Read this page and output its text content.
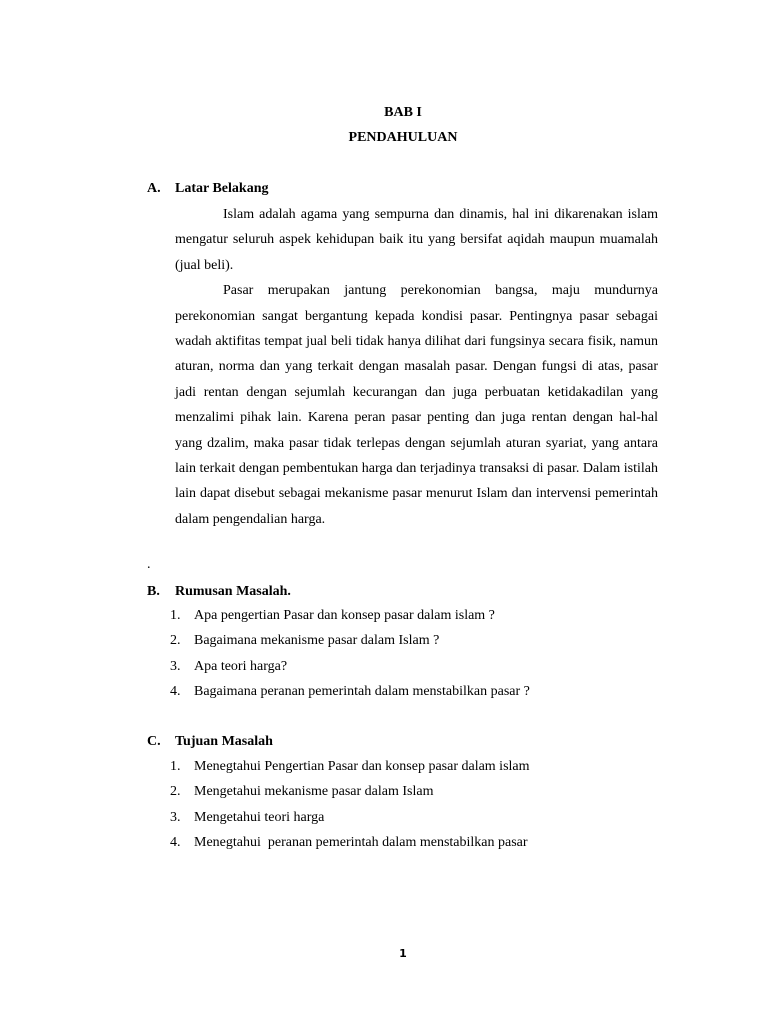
BAB I
PENDAHULUAN
A. Latar Belakang

Islam adalah agama yang sempurna dan dinamis, hal ini dikarenakan islam mengatur seluruh aspek kehidupan baik itu yang bersifat aqidah maupun muamalah (jual beli).

Pasar merupakan jantung perekonomian bangsa, maju mundurnya perekonomian sangat bergantung kepada kondisi pasar. Pentingnya pasar sebagai wadah aktifitas tempat jual beli tidak hanya dilihat dari fungsinya secara fisik, namun aturan, norma dan yang terkait dengan masalah pasar. Dengan fungsi di atas, pasar jadi rentan dengan sejumlah kecurangan dan juga perbuatan ketidakadilan yang menzalimi pihak lain. Karena peran pasar penting dan juga rentan dengan hal-hal yang dzalim, maka pasar tidak terlepas dengan sejumlah aturan syariat, yang antara lain terkait dengan pembentukan harga dan terjadinya transaksi di pasar. Dalam istilah lain dapat disebut sebagai mekanisme pasar menurut Islam dan intervensi pemerintah dalam pengendalian harga.

.
B. Rumusan Masalah.
1. Apa pengertian Pasar dan konsep pasar dalam islam ?
2. Bagaimana mekanisme pasar dalam Islam ?
3. Apa teori harga?
4. Bagaimana peranan pemerintah dalam menstabilkan pasar ?
C. Tujuan Masalah
1. Menegtahui Pengertian Pasar dan konsep pasar dalam islam
2. Mengetahui mekanisme pasar dalam Islam
3. Mengetahui teori harga
4. Menegtahui  peranan pemerintah dalam menstabilkan pasar
1
